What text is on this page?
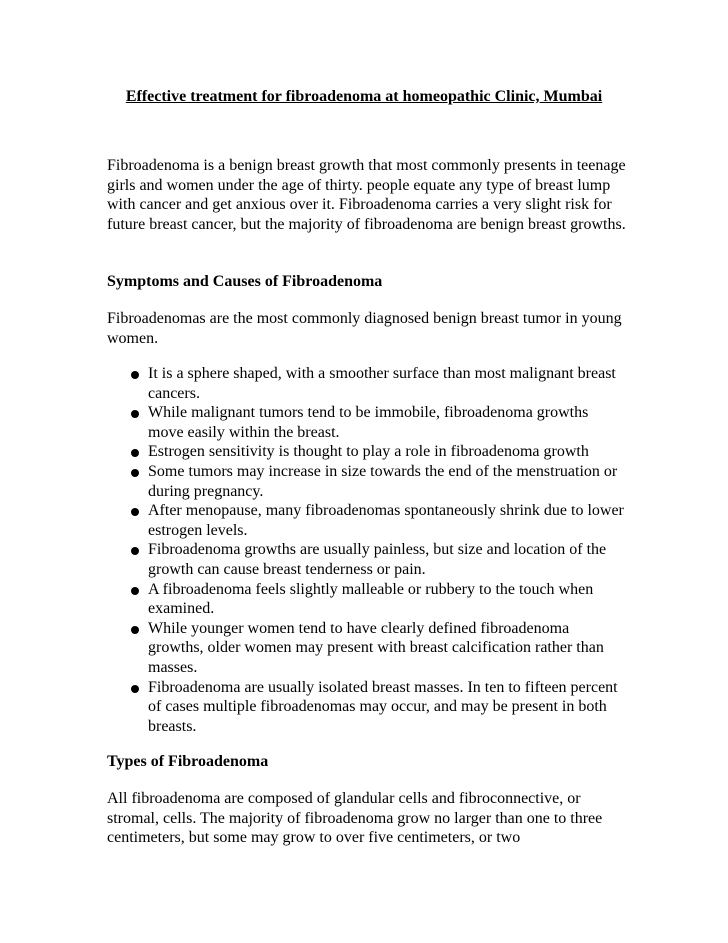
Effective treatment for fibroadenoma at homeopathic Clinic, Mumbai

Fibroadenoma is a benign breast growth that most commonly presents in teenage girls and women under the age of thirty. people equate any type of breast lump with cancer and get anxious over it. Fibroadenoma carries a very slight risk for future breast cancer, but the majority of fibroadenoma are benign breast growths.

Symptoms and Causes of Fibroadenoma

Fibroadenomas are the most commonly diagnosed benign breast tumor in young women.

It is a sphere shaped, with a smoother surface than most malignant breast cancers.
While malignant tumors tend to be immobile, fibroadenoma growths move easily within the breast.
Estrogen sensitivity is thought to play a role in fibroadenoma growth
Some tumors may increase in size towards the end of the menstruation or during pregnancy.
After menopause, many fibroadenomas spontaneously shrink due to lower estrogen levels.
Fibroadenoma growths are usually painless, but size and location of the growth can cause breast tenderness or pain.
A fibroadenoma feels slightly malleable or rubbery to the touch when examined.
While younger women tend to have clearly defined fibroadenoma growths, older women may present with breast calcification rather than masses.
Fibroadenoma are usually isolated breast masses. In ten to fifteen percent of cases multiple fibroadenomas may occur, and may be present in both breasts.

Types of Fibroadenoma

All fibroadenoma are composed of glandular cells and fibroconnective, or stromal, cells. The majority of fibroadenoma grow no larger than one to three centimeters, but some may grow to over five centimeters, or two
